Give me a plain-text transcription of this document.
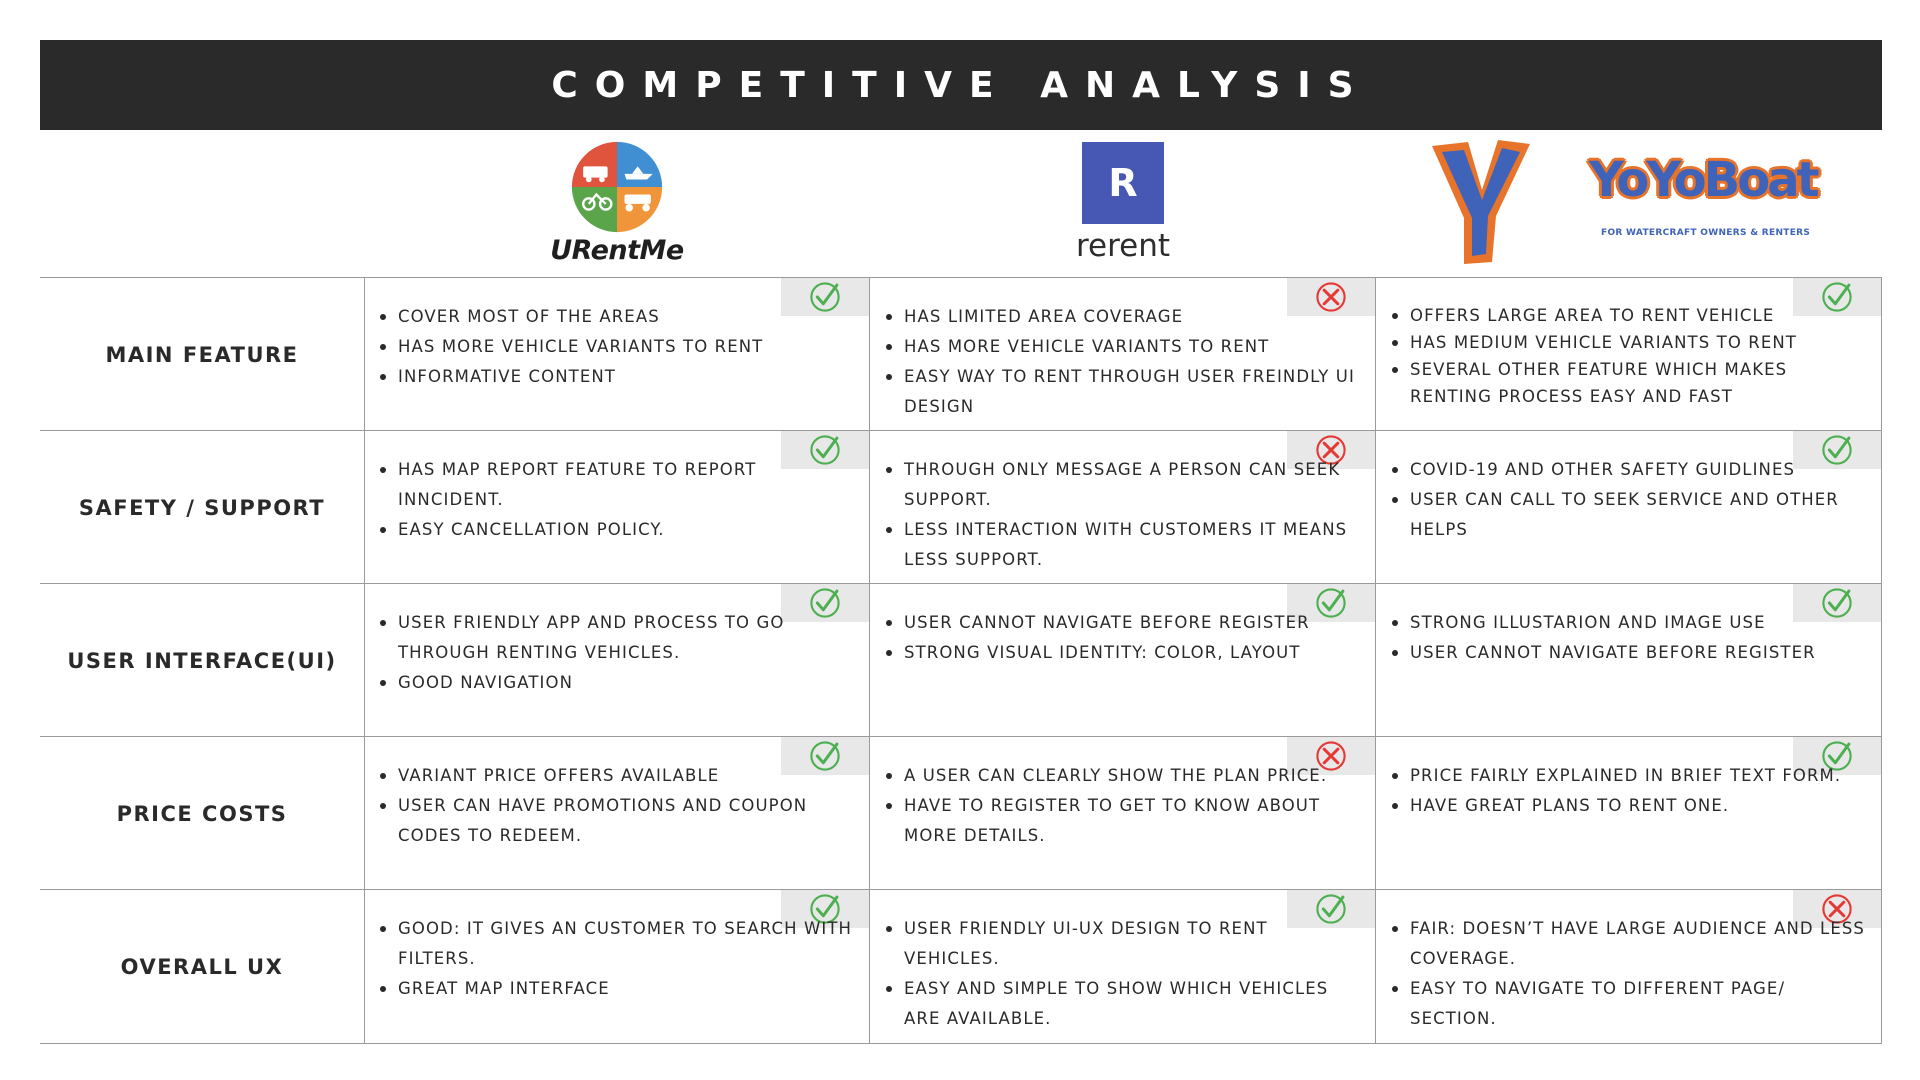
COMPETITIVE ANALYSIS
URentMe
R
rerent
YoYoBoat
FOR WATERCRAFT OWNERS & RENTERS
MAIN FEATURE
COVER MOST OF THE AREAS
HAS MORE VEHICLE VARIANTS TO RENT
INFORMATIVE CONTENT
HAS LIMITED AREA COVERAGE
HAS MORE VEHICLE VARIANTS TO RENT
EASY WAY TO RENT THROUGH USER FREINDLY UI DESIGN
OFFERS LARGE AREA TO RENT VEHICLE
HAS MEDIUM VEHICLE VARIANTS TO RENT
SEVERAL OTHER FEATURE WHICH MAKES RENTING PROCESS EASY AND FAST
SAFETY / SUPPORT
HAS MAP REPORT FEATURE TO REPORT INNCIDENT.
EASY CANCELLATION POLICY.
THROUGH ONLY MESSAGE A PERSON CAN SEEK SUPPORT.
LESS INTERACTION WITH CUSTOMERS IT MEANS LESS SUPPORT.
COVID-19 AND OTHER SAFETY GUIDLINES
USER CAN CALL TO SEEK SERVICE AND OTHER HELPS
USER INTERFACE(UI)
USER FRIENDLY APP AND PROCESS TO GO THROUGH RENTING VEHICLES.
GOOD NAVIGATION
USER CANNOT NAVIGATE BEFORE REGISTER
STRONG VISUAL IDENTITY: COLOR, LAYOUT
STRONG ILLUSTARION AND IMAGE USE
USER CANNOT NAVIGATE BEFORE REGISTER
PRICE COSTS
VARIANT PRICE OFFERS AVAILABLE
USER CAN HAVE PROMOTIONS AND COUPON CODES TO REDEEM.
A USER CAN CLEARLY SHOW THE PLAN PRICE.
HAVE TO REGISTER TO GET TO KNOW ABOUT MORE DETAILS.
PRICE FAIRLY EXPLAINED IN BRIEF TEXT FORM.
HAVE GREAT PLANS TO RENT ONE.
OVERALL UX
GOOD: IT GIVES AN CUSTOMER TO SEARCH WITH FILTERS.
GREAT MAP INTERFACE
USER FRIENDLY UI-UX DESIGN TO RENT VEHICLES.
EASY AND SIMPLE TO SHOW WHICH VEHICLES ARE AVAILABLE.
FAIR: DOESN’T HAVE LARGE AUDIENCE AND LESS COVERAGE.
EASY TO NAVIGATE TO DIFFERENT PAGE/ SECTION.
